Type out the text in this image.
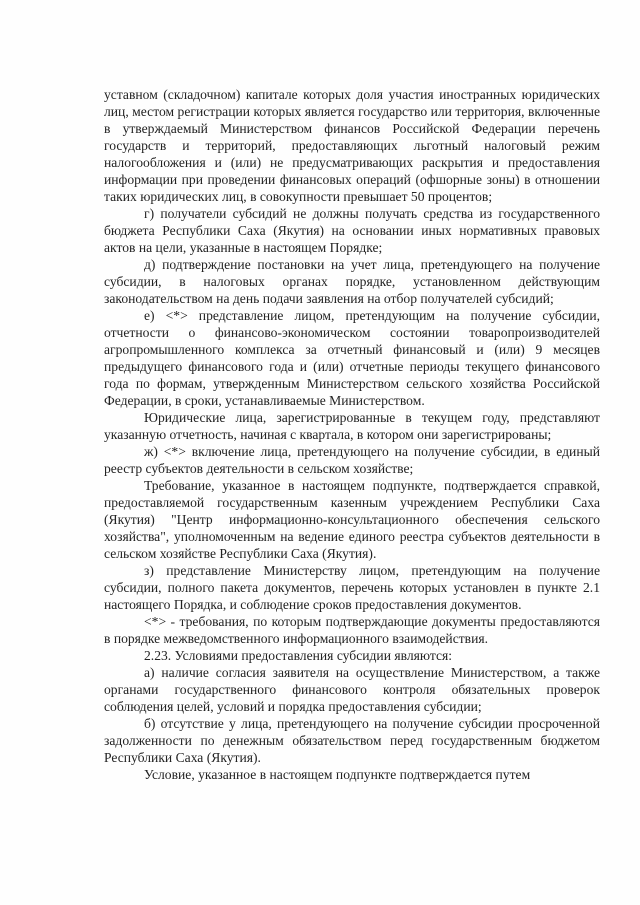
уставном (складочном) капитале которых доля участия иностранных юридических лиц, местом регистрации которых является государство или территория, включенные в утверждаемый Министерством финансов Российской Федерации перечень государств и территорий, предоставляющих льготный налоговый режим налогообложения и (или) не предусматривающих раскрытия и предоставления информации при проведении финансовых операций (офшорные зоны) в отношении таких юридических лиц, в совокупности превышает 50 процентов;

г) получатели субсидий не должны получать средства из государственного бюджета Республики Саха (Якутия) на основании иных нормативных правовых актов на цели, указанные в настоящем Порядке;

д) подтверждение постановки на учет лица, претендующего на получение субсидии, в налоговых органах порядке, установленном действующим законодательством на день подачи заявления на отбор получателей субсидий;

е) <*> представление лицом, претендующим на получение субсидии, отчетности о финансово-экономическом состоянии товаропроизводителей агропромышленного комплекса за отчетный финансовый и (или) 9 месяцев предыдущего финансового года и (или) отчетные периоды текущего финансового года по формам, утвержденным Министерством сельского хозяйства Российской Федерации, в сроки, устанавливаемые Министерством.

Юридические лица, зарегистрированные в текущем году, представляют указанную отчетность, начиная с квартала, в котором они зарегистрированы;

ж) <*> включение лица, претендующего на получение субсидии, в единый реестр субъектов деятельности в сельском хозяйстве;

Требование, указанное в настоящем подпункте, подтверждается справкой, предоставляемой государственным казенным учреждением Республики Саха (Якутия) "Центр информационно-консультационного обеспечения сельского хозяйства", уполномоченным на ведение единого реестра субъектов деятельности в сельском хозяйстве Республики Саха (Якутия).

з) представление Министерству лицом, претендующим на получение субсидии, полного пакета документов, перечень которых установлен в пункте 2.1 настоящего Порядка, и соблюдение сроков предоставления документов.

<*> - требования, по которым подтверждающие документы предоставляются в порядке межведомственного информационного взаимодействия.

2.23. Условиями предоставления субсидии являются:

а) наличие согласия заявителя на осуществление Министерством, а также органами государственного финансового контроля обязательных проверок соблюдения целей, условий и порядка предоставления субсидии;

б) отсутствие у лица, претендующего на получение субсидии просроченной задолженности по денежным обязательством перед государственным бюджетом Республики Саха (Якутия).

Условие, указанное в настоящем подпункте подтверждается путем
